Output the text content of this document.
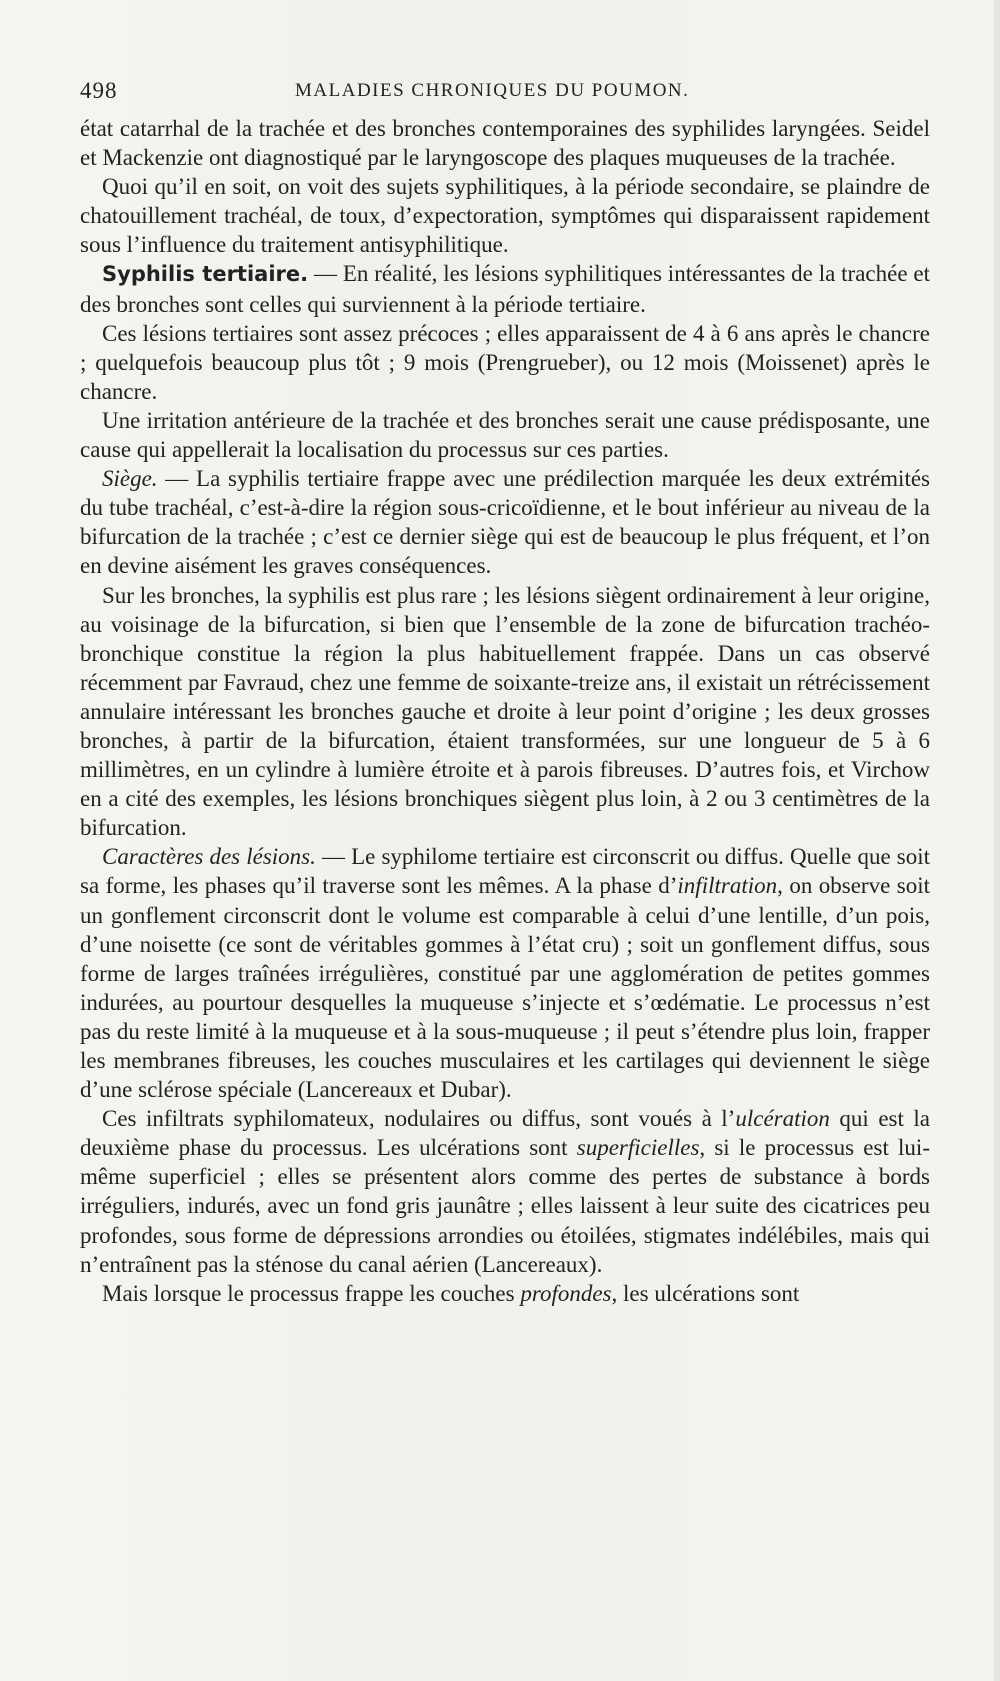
498	MALADIES CHRONIQUES DU POUMON.

état catarrhal de la trachée et des bronches contemporaines des syphilides laryngées. Seidel et Mackenzie ont diagnostiqué par le laryngoscope des plaques muqueuses de la trachée.

Quoi qu’il en soit, on voit des sujets syphilitiques, à la période secondaire, se plaindre de chatouillement trachéal, de toux, d’expectoration, symptômes qui disparaissent rapidement sous l’influence du traitement antisyphilitique.

Syphilis tertiaire. — En réalité, les lésions syphilitiques intéressantes de la trachée et des bronches sont celles qui surviennent à la période tertiaire.

Ces lésions tertiaires sont assez précoces ; elles apparaissent de 4 à 6 ans après le chancre ; quelquefois beaucoup plus tôt ; 9 mois (Prengrueber), ou 12 mois (Moissenet) après le chancre.

Une irritation antérieure de la trachée et des bronches serait une cause prédisposante, une cause qui appellerait la localisation du processus sur ces parties.

Siège. — La syphilis tertiaire frappe avec une prédilection marquée les deux extrémités du tube trachéal, c’est-à-dire la région sous-cricoïdienne, et le bout inférieur au niveau de la bifurcation de la trachée ; c’est ce dernier siège qui est de beaucoup le plus fréquent, et l’on en devine aisément les graves conséquences.

Sur les bronches, la syphilis est plus rare ; les lésions siègent ordinairement à leur origine, au voisinage de la bifurcation, si bien que l’ensemble de la zone de bifurcation trachéo-bronchique constitue la région la plus habituellement frappée. Dans un cas observé récemment par Favraud, chez une femme de soixante-treize ans, il existait un rétrécissement annulaire intéressant les bronches gauche et droite à leur point d’origine ; les deux grosses bronches, à partir de la bifurcation, étaient transformées, sur une longueur de 5 à 6 millimètres, en un cylindre à lumière étroite et à parois fibreuses. D’autres fois, et Virchow en a cité des exemples, les lésions bronchiques siègent plus loin, à 2 ou 3 centimètres de la bifurcation.

Caractères des lésions. — Le syphilome tertiaire est circonscrit ou diffus. Quelle que soit sa forme, les phases qu’il traverse sont les mêmes. A la phase d’infiltration, on observe soit un gonflement circonscrit dont le volume est comparable à celui d’une lentille, d’un pois, d’une noisette (ce sont de véritables gommes à l’état cru) ; soit un gonflement diffus, sous forme de larges traînées irrégulières, constitué par une agglomération de petites gommes indurées, au pourtour desquelles la muqueuse s’injecte et s’œdématie. Le processus n’est pas du reste limité à la muqueuse et à la sous-muqueuse ; il peut s’étendre plus loin, frapper les membranes fibreuses, les couches musculaires et les cartilages qui deviennent le siège d’une sclérose spéciale (Lancereaux et Dubar).

Ces infiltrats syphilomateux, nodulaires ou diffus, sont voués à l’ulcération qui est la deuxième phase du processus. Les ulcérations sont superficielles, si le processus est lui-même superficiel ; elles se présentent alors comme des pertes de substance à bords irréguliers, indurés, avec un fond gris jaunâtre ; elles laissent à leur suite des cicatrices peu profondes, sous forme de dépressions arrondies ou étoilées, stigmates indélébiles, mais qui n’entraînent pas la sténose du canal aérien (Lancereaux).

Mais lorsque le processus frappe les couches profondes, les ulcérations sont
